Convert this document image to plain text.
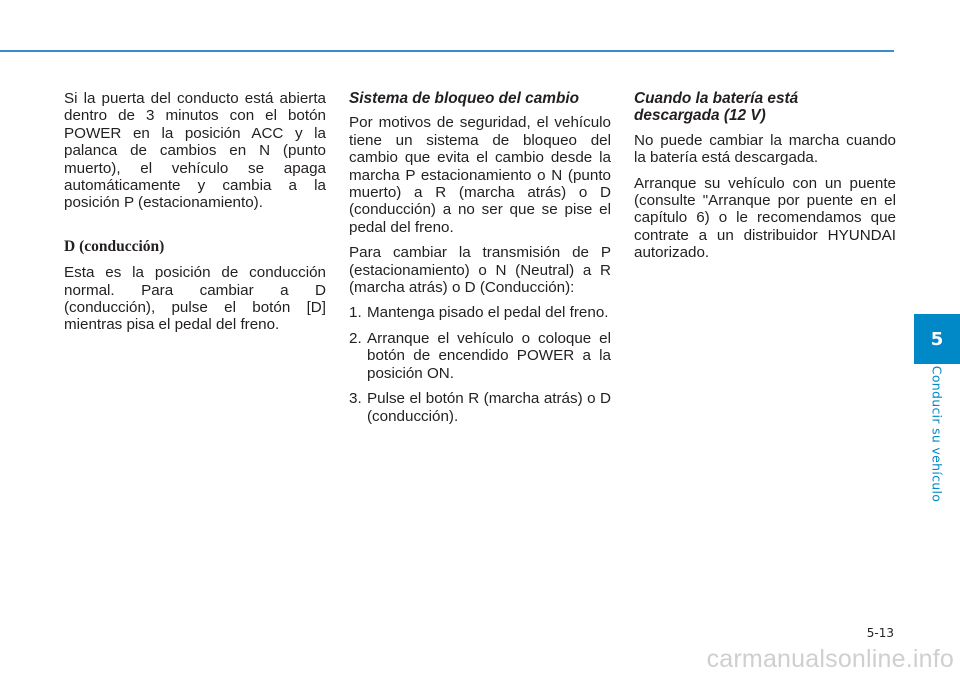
Si la puerta del conducto está abierta dentro de 3 minutos con el botón POWER en la posición ACC y la palanca de cambios en N (punto muerto), el vehículo se apaga automáticamente y cambia a la posición P (estacionamiento).

D (conducción)

Esta es la posición de conducción normal. Para cambiar a D (conducción), pulse el botón [D] mientras pisa el pedal del freno.

Sistema de bloqueo del cambio

Por motivos de seguridad, el vehículo tiene un sistema de bloqueo del cambio que evita el cambio desde la marcha P estacionamiento o N (punto muerto) a R (marcha atrás) o D (conducción) a no ser que se pise el pedal del freno.

Para cambiar la transmisión de P (estacionamiento) o N (Neutral) a R (marcha atrás) o D (Conducción):

1. Mantenga pisado el pedal del freno.
2. Arranque el vehículo o coloque el botón de encendido POWER a la posición ON.
3. Pulse el botón R (marcha atrás) o D (conducción).
Cuando la batería está
descargada (12 V)

No puede cambiar la marcha cuando la batería está descargada.

Arranque su vehículo con un puente (consulte "Arranque por puente en el capítulo 6) o le recomendamos que contrate a un distribuidor HYUNDAI autorizado.

5
Conducir su vehículo
5-13
carmanualsonline.info
